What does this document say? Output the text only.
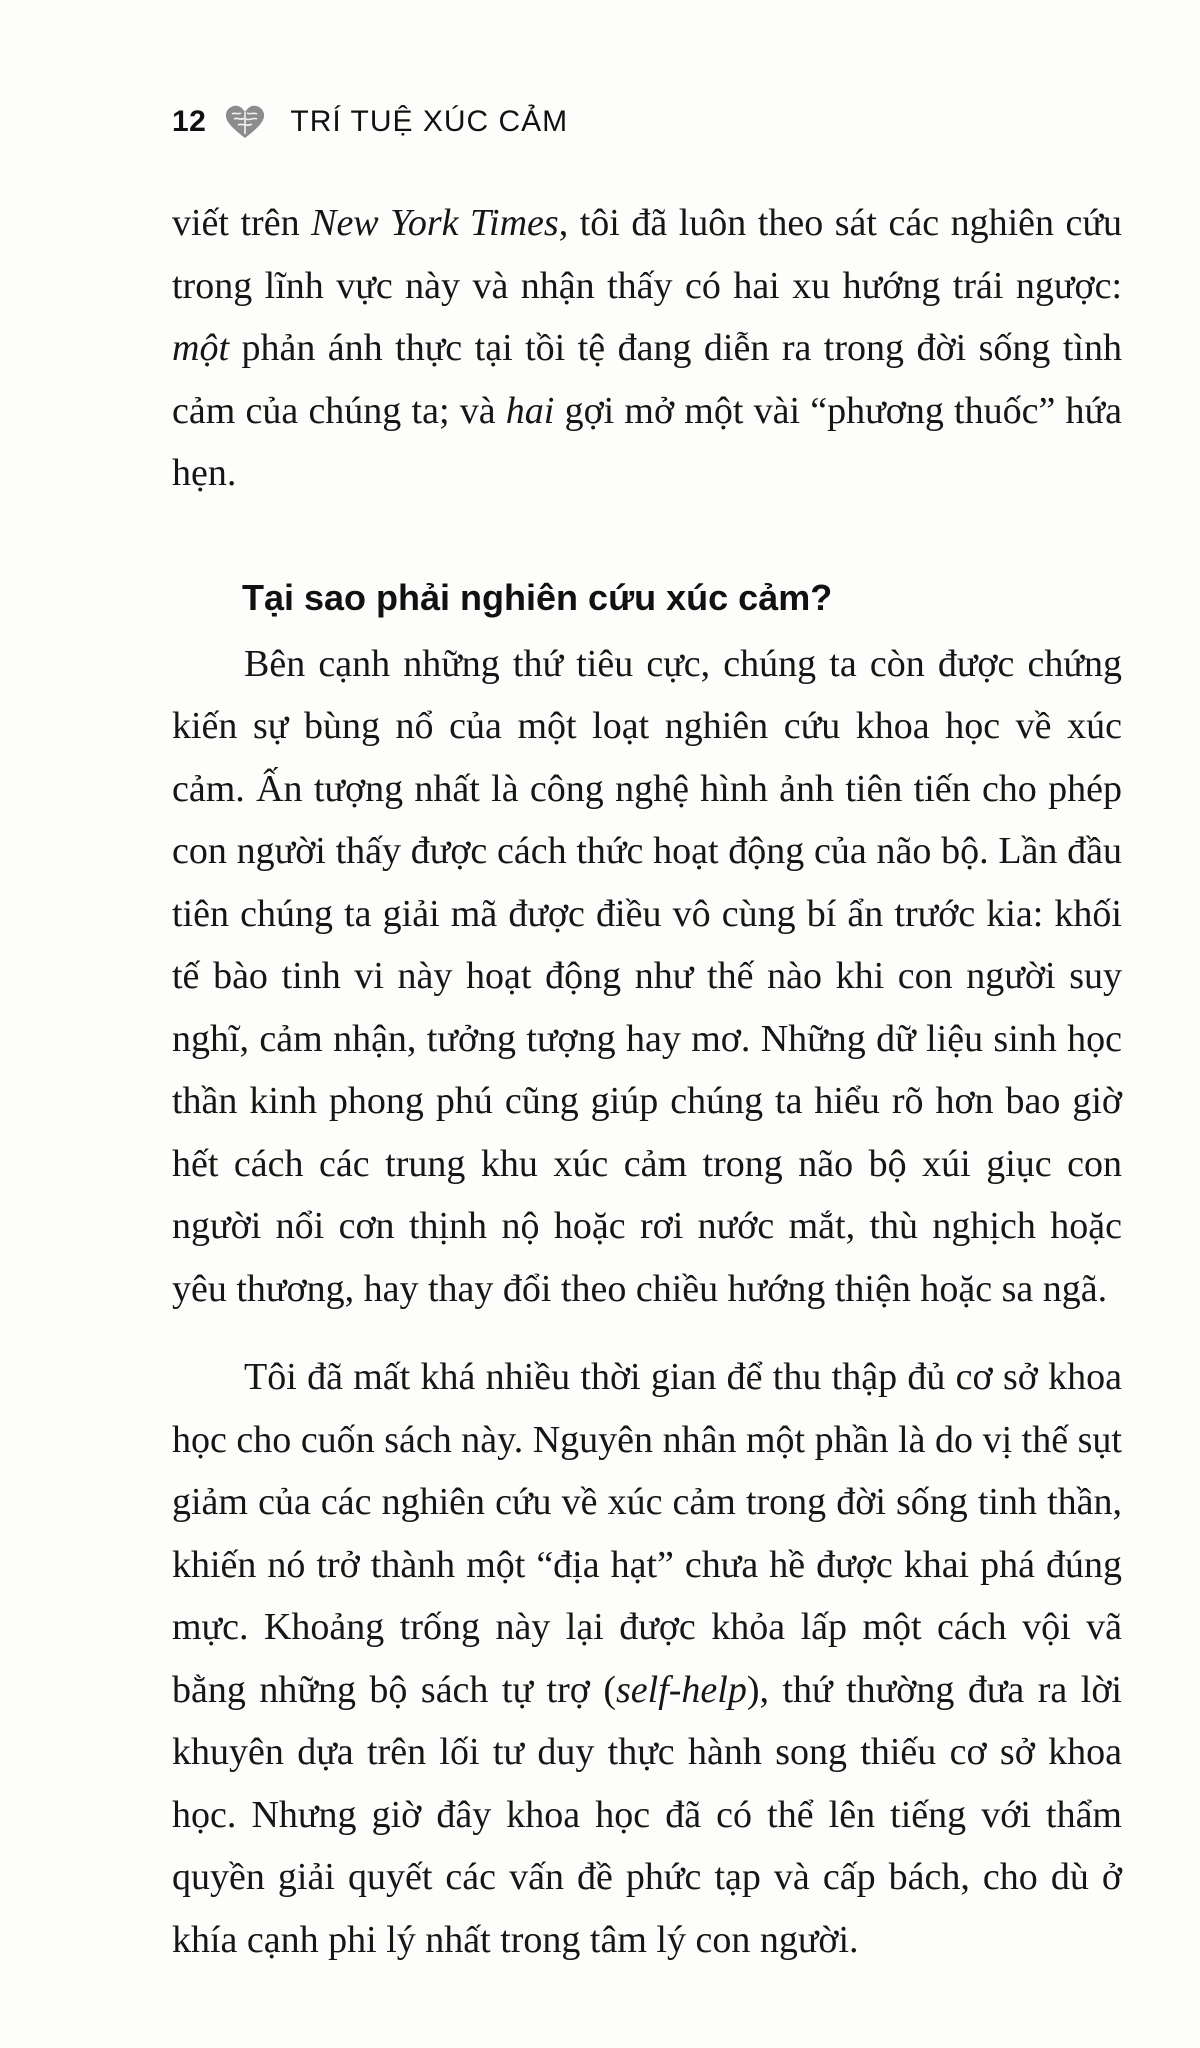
12	TRÍ TUỆ XÚC CẢM

viết trên New York Times, tôi đã luôn theo sát các nghiên cứu trong lĩnh vực này và nhận thấy có hai xu hướng trái ngược: một phản ánh thực tại tồi tệ đang diễn ra trong đời sống tình cảm của chúng ta; và hai gợi mở một vài “phương thuốc” hứa hẹn.

Tại sao phải nghiên cứu xúc cảm?

Bên cạnh những thứ tiêu cực, chúng ta còn được chứng kiến sự bùng nổ của một loạt nghiên cứu khoa học về xúc cảm. Ấn tượng nhất là công nghệ hình ảnh tiên tiến cho phép con người thấy được cách thức hoạt động của não bộ. Lần đầu tiên chúng ta giải mã được điều vô cùng bí ẩn trước kia: khối tế bào tinh vi này hoạt động như thế nào khi con người suy nghĩ, cảm nhận, tưởng tượng hay mơ. Những dữ liệu sinh học thần kinh phong phú cũng giúp chúng ta hiểu rõ hơn bao giờ hết cách các trung khu xúc cảm trong não bộ xúi giục con người nổi cơn thịnh nộ hoặc rơi nước mắt, thù nghịch hoặc yêu thương, hay thay đổi theo chiều hướng thiện hoặc sa ngã.

Tôi đã mất khá nhiều thời gian để thu thập đủ cơ sở khoa học cho cuốn sách này. Nguyên nhân một phần là do vị thế sụt giảm của các nghiên cứu về xúc cảm trong đời sống tinh thần, khiến nó trở thành một “địa hạt” chưa hề được khai phá đúng mực. Khoảng trống này lại được khỏa lấp một cách vội vã bằng những bộ sách tự trợ (self-help), thứ thường đưa ra lời khuyên dựa trên lối tư duy thực hành song thiếu cơ sở khoa học. Nhưng giờ đây khoa học đã có thể lên tiếng với thẩm quyền giải quyết các vấn đề phức tạp và cấp bách, cho dù ở khía cạnh phi lý nhất trong tâm lý con người.
